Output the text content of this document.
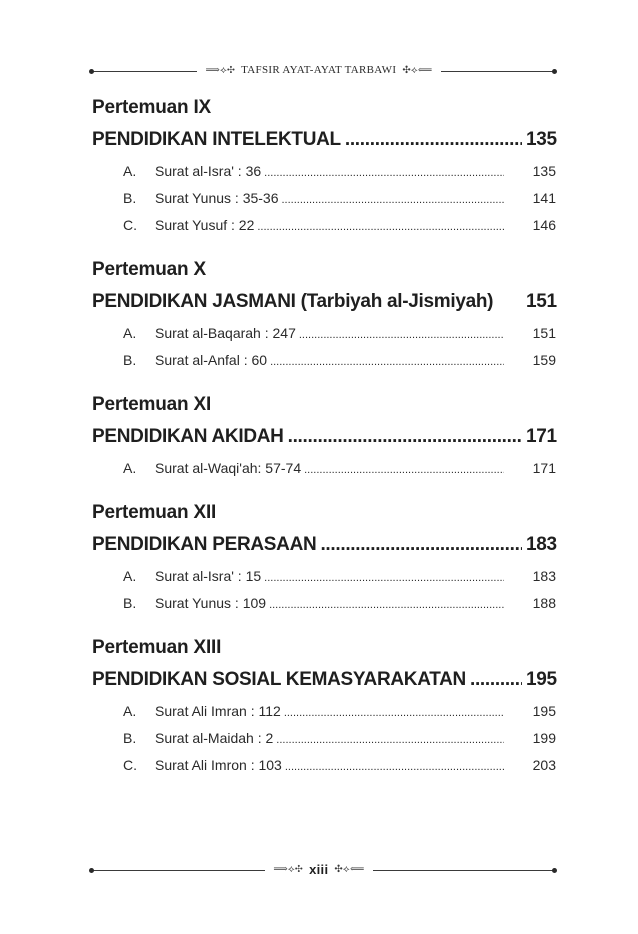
⟹⟡✣ TAFSIR AYAT-AYAT TARBAWI ✣⟡⟸
Pertemuan IX
PENDIDIKAN INTELEKTUAL .....	135
A.	Surat al-Isra' : 36 .....	135
B.	Surat Yunus : 35-36 .....	141
C.	Surat Yusuf : 22 .....	146
Pertemuan X
PENDIDIKAN JASMANI (Tarbiyah al-Jismiyah) 151
A.	Surat al-Baqarah : 247 .....	151
B.	Surat al-Anfal : 60 .....	159
Pertemuan XI
PENDIDIKAN AKIDAH .....	171
A.	Surat al-Waqi'ah: 57-74 .....	171
Pertemuan XII
PENDIDIKAN PERASAAN .....	183
A.	Surat al-Isra' : 15 .....	183
B.	Surat Yunus : 109 .....	188
Pertemuan XIII
PENDIDIKAN SOSIAL KEMASYARAKATAN .....	195
A.	Surat Ali Imran : 112 .....	195
B.	Surat al-Maidah : 2 .....	199
C.	Surat Ali Imron : 103 .....	203
⟹⟡✣ xiii ✣⟡⟸
